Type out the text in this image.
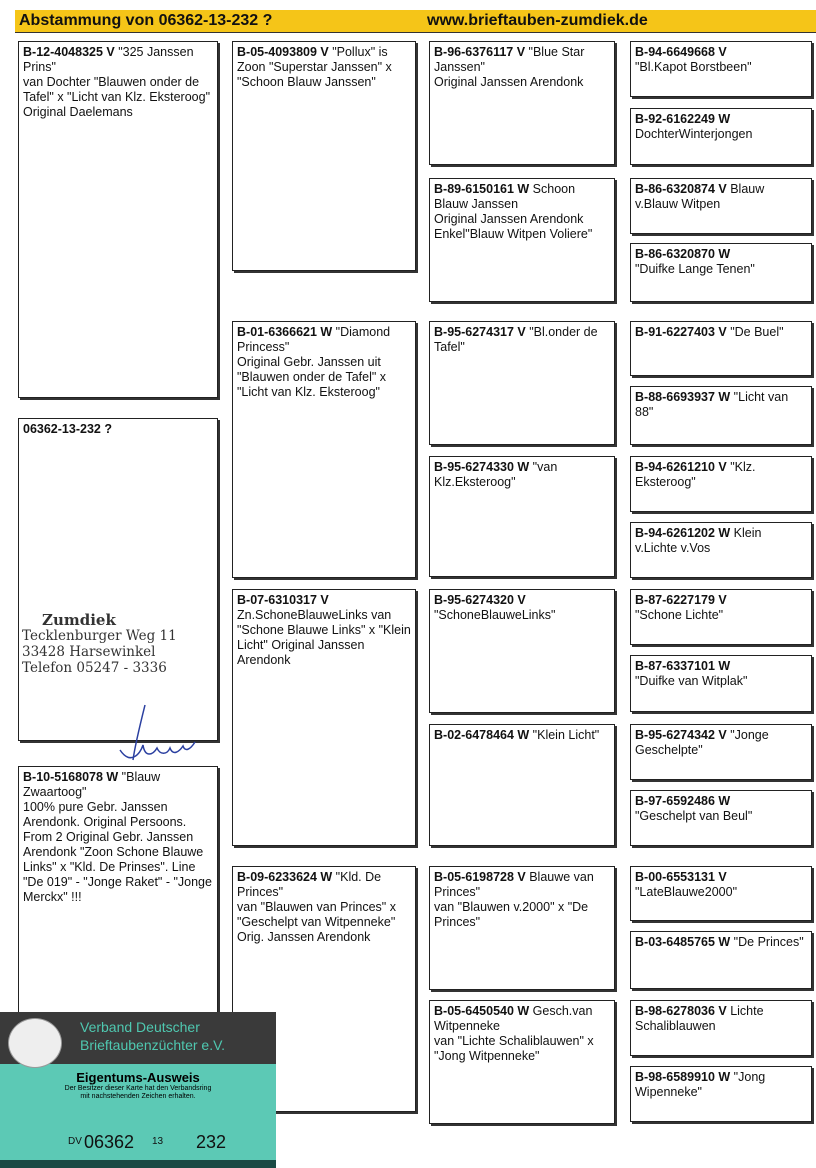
Abstammung von 06362-13-232 ?	www.brieftauben-zumdiek.de
B-12-4048325 V "325 Janssen Prins"
van Dochter "Blauwen onder de Tafel" x "Licht van Klz. Eksteroog" Original Daelemans
06362-13-232 ?
B-10-5168078 W "Blauw Zwaartoog"
100% pure Gebr. Janssen Arendonk. Original Persoons. From 2 Original Gebr. Janssen Arendonk "Zoon Schone Blauwe Links" x "Kld. De Prinses". Line "De 019" - "Jonge Raket" - "Jonge Merckx" !!!
B-05-4093809 V "Pollux" is Zoon "Superstar Janssen" x "Schoon Blauw Janssen"
B-01-6366621 W "Diamond Princess"
Original Gebr. Janssen uit "Blauwen onder de Tafel" x "Licht van Klz. Eksteroog"
B-07-6310317 V
Zn.SchoneBlauweLinks van "Schone Blauwe Links" x "Klein Licht" Original Janssen Arendonk
B-09-6233624 W "Kld. De Princes"
van "Blauwen van Princes" x "Geschelpt van Witpenneke" Orig. Janssen Arendonk
B-96-6376117 V "Blue Star Janssen"
Original Janssen Arendonk
B-89-6150161 W Schoon Blauw Janssen
Original Janssen Arendonk Enkel"Blauw Witpen Voliere"
B-95-6274317 V "Bl.onder de Tafel"
B-95-6274330 W "van Klz.Eksteroog"
B-95-6274320 V
"SchoneBlauweLinks"
B-02-6478464 W "Klein Licht"
B-05-6198728 V Blauwe van Princes"
van "Blauwen v.2000" x "De Princes"
B-05-6450540 W Gesch.van Witpenneke
van "Lichte Schaliblauwen" x "Jong Witpenneke"
B-94-6649668 V
"Bl.Kapot Borstbeen"
B-92-6162249 W
DochterWinterjongen
B-86-6320874 V Blauw v.Blauw Witpen
B-86-6320870 W
"Duifke Lange Tenen"
B-91-6227403 V "De Buel"
B-88-6693937 W "Licht van 88"
B-94-6261210 V "Klz. Eksteroog"
B-94-6261202 W Klein v.Lichte v.Vos
B-87-6227179 V
"Schone Lichte"
B-87-6337101 W
"Duifke van Witplak"
B-95-6274342 V "Jonge Geschelpte"
B-97-6592486 W
"Geschelpt van Beul"
B-00-6553131 V
"LateBlauwe2000"
B-03-6485765 W "De Princes"
B-98-6278036 V Lichte Schaliblauwen
B-98-6589910 W "Jong Wipenneke"
Zumdiek
Tecklenburger Weg 11
33428 Harsewinkel
Telefon 05247 - 3336
Verband Deutscher
Brieftaubenzüchter e.V.
Eigentums-Ausweis
Der Besitzer dieser Karte hat den Verbandsring
mit nachstehenden Zeichen erhalten.
DV 06362 13 232
